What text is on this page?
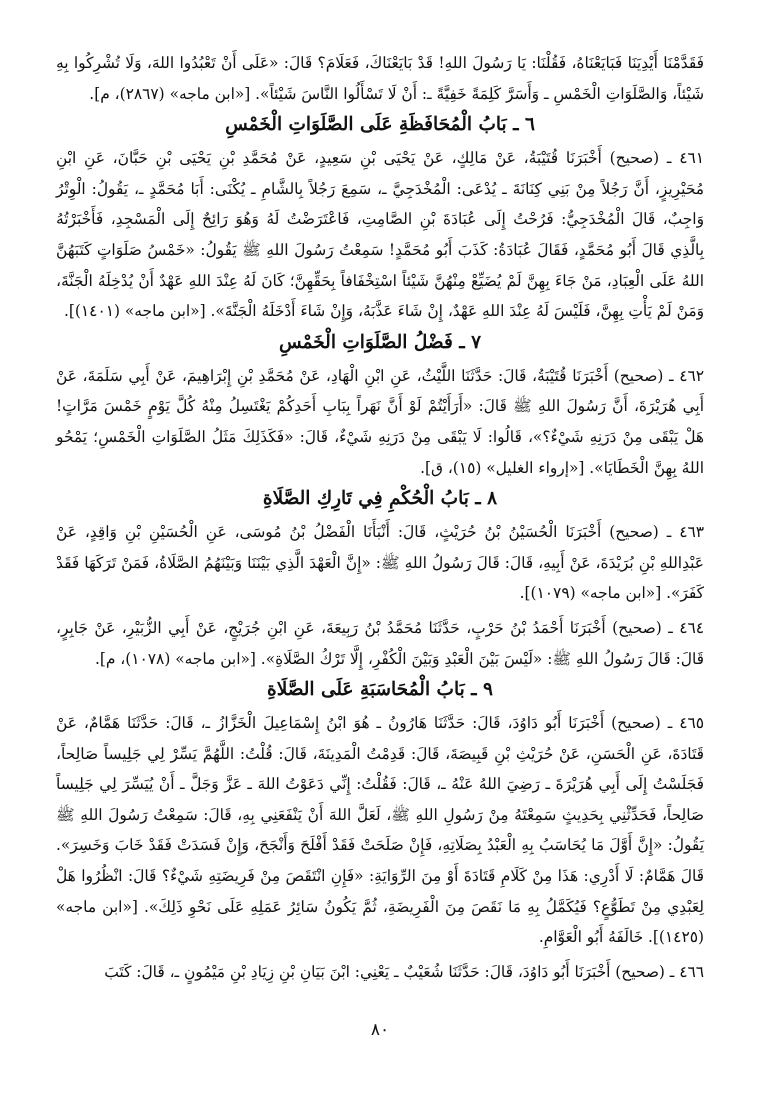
فَقَدَّمْنَا أَيْدِيَنَا فَبَايَعْنَاهُ، فَقُلْنَا: يَا رَسُولَ اللهِ! قَدْ بَايَعْنَاكَ، فَعَلَامَ؟ قَالَ: «عَلَى أَنْ تَعْبُدُوا اللهَ، وَلَا تُشْرِكُوا بِهِ شَيْئاً، وَالصَّلَوَاتِ الْخَمْسِ ـ وَأَسَرَّ كَلِمَةً خَفِيَّةً ـ: أَنْ لَا تَسْأَلُوا النَّاسَ شَيْئاً». [«ابن ماجه» (٢٨٦٧)، م].

٦ ـ بَابُ الْمُحَافَظَةِ عَلَى الصَّلَوَاتِ الْخَمْسِ

٤٦١ ـ (صحيح) أَخْبَرَنَا قُتَيْبَةُ، عَنْ مَالِكٍ، عَنْ يَحْيَى بْنِ سَعِيدٍ، عَنْ مُحَمَّدِ بْنِ يَحْيَى بْنِ حَبَّانَ، عَنِ ابْنِ مُحَيْرِيزٍ، أَنَّ رَجُلاً مِنْ بَنِي كِنَانَةَ ـ يُدْعَى: الْمُخْدَجِيَّ ـ، سَمِعَ رَجُلاً بِالشَّامِ ـ يُكْنَى: أَبَا مُحَمَّدٍ ـ، يَقُولُ: الْوِتْرُ وَاجِبٌ، قَالَ الْمُخْدَجِيُّ: فَرُحْتُ إِلَى عُبَادَةَ بْنِ الصَّامِتِ، فَاعْتَرَضْتُ لَهُ وَهُوَ رَائِحٌ إِلَى الْمَسْجِدِ، فَأَخْبَرْتُهُ بِالَّذِي قَالَ أَبُو مُحَمَّدٍ، فَقَالَ عُبَادَةُ: كَذَبَ أَبُو مُحَمَّدٍ! سَمِعْتُ رَسُولَ اللهِ ﷺ يَقُولُ: «خَمْسُ صَلَوَاتٍ كَتَبَهُنَّ اللهُ عَلَى الْعِبَادِ، مَنْ جَاءَ بِهِنَّ لَمْ يُضَيِّعْ مِنْهُنَّ شَيْئاً اسْتِخْفَافاً بِحَقِّهِنَّ؛ كَانَ لَهُ عِنْدَ اللهِ عَهْدٌ أَنْ يُدْخِلَهُ الْجَنَّةَ، وَمَنْ لَمْ يَأْتِ بِهِنَّ، فَلَيْسَ لَهُ عِنْدَ اللهِ عَهْدٌ، إِنْ شَاءَ عَذَّبَهُ، وَإِنْ شَاءَ أَدْخَلَهُ الْجَنَّةَ». [«ابن ماجه» (١٤٠١)].

٧ ـ فَضْلُ الصَّلَوَاتِ الْخَمْسِ

٤٦٢ ـ (صحيح) أَخْبَرَنَا قُتَيْبَةُ، قَالَ: حَدَّثَنَا اللَّيْثُ، عَنِ ابْنِ الْهَادِ، عَنْ مُحَمَّدِ بْنِ إِبْرَاهِيمَ، عَنْ أَبِي سَلَمَةَ، عَنْ أَبِي هُرَيْرَةَ، أَنَّ رَسُولَ اللهِ ﷺ قَالَ: «أَرَأَيْتُمْ لَوْ أَنَّ نَهَراً بِبَابِ أَحَدِكُمْ يَغْتَسِلُ مِنْهُ كُلَّ يَوْمٍ خَمْسَ مَرَّاتٍ! هَلْ يَبْقَى مِنْ دَرَنِهِ شَيْءٌ؟»، قَالُوا: لَا يَبْقَى مِنْ دَرَنِهِ شَيْءٌ، قَالَ: «فَكَذَلِكَ مَثَلُ الصَّلَوَاتِ الْخَمْسِ؛ يَمْحُو اللهُ بِهِنَّ الْخَطَايَا». [«إرواء الغليل» (١٥)، ق].

٨ ـ بَابُ الْحُكْمِ فِي تَارِكِ الصَّلَاةِ

٤٦٣ ـ (صحيح) أَخْبَرَنَا الْحُسَيْنُ بْنُ حُرَيْثٍ، قَالَ: أَنْبَأَنَا الْفَضْلُ بْنُ مُوسَى، عَنِ الْحُسَيْنِ بْنِ وَاقِدٍ، عَنْ عَبْدِاللهِ بْنِ بُرَيْدَةَ، عَنْ أَبِيهِ، قَالَ: قَالَ رَسُولُ اللهِ ﷺ: «إِنَّ الْعَهْدَ الَّذِي بَيْنَنَا وَبَيْنَهُمُ الصَّلَاةُ، فَمَنْ تَرَكَهَا فَقَدْ كَفَرَ». [«ابن ماجه» (١٠٧٩)].

٤٦٤ ـ (صحيح) أَخْبَرَنَا أَحْمَدُ بْنُ حَرْبٍ، حَدَّثَنَا مُحَمَّدُ بْنُ رَبِيعَةَ، عَنِ ابْنِ جُرَيْجٍ، عَنْ أَبِي الزُّبَيْرِ، عَنْ جَابِرٍ، قَالَ: قَالَ رَسُولُ اللهِ ﷺ: «لَيْسَ بَيْنَ الْعَبْدِ وَبَيْنَ الْكُفْرِ، إِلَّا تَرْكُ الصَّلَاةِ». [«ابن ماجه» (١٠٧٨)، م].

٩ ـ بَابُ الْمُحَاسَبَةِ عَلَى الصَّلَاةِ

٤٦٥ ـ (صحيح) أَخْبَرَنَا أَبُو دَاوُدَ، قَالَ: حَدَّثَنَا هَارُونُ ـ هُوَ ابْنُ إِسْمَاعِيلَ الْخَزَّازُ ـ، قَالَ: حَدَّثَنَا هَمَّامٌ، عَنْ قَتَادَةَ، عَنِ الْحَسَنِ، عَنْ حُرَيْثِ بْنِ قَبِيصَةَ، قَالَ: قَدِمْتُ الْمَدِينَةَ، قَالَ: قُلْتُ: اللَّهُمَّ يَسِّرْ لِي جَلِيساً صَالِحاً، فَجَلَسْتُ إِلَى أَبِي هُرَيْرَةَ ـ رَضِيَ اللهُ عَنْهُ ـ، قَالَ: فَقُلْتُ: إِنِّي دَعَوْتُ اللهَ ـ عَزَّ وَجَلَّ ـ أَنْ يُيَسِّرَ لِي جَلِيساً صَالِحاً، فَحَدِّثْنِي بِحَدِيثٍ سَمِعْتَهُ مِنْ رَسُولِ اللهِ ﷺ، لَعَلَّ اللهَ أَنْ يَنْفَعَنِي بِهِ، قَالَ: سَمِعْتُ رَسُولَ اللهِ ﷺ يَقُولُ: «إِنَّ أَوَّلَ مَا يُحَاسَبُ بِهِ الْعَبْدُ بِصَلَاتِهِ، فَإِنْ صَلَحَتْ فَقَدْ أَفْلَحَ وَأَنْجَحَ، وَإِنْ فَسَدَتْ فَقَدْ خَابَ وَخَسِرَ». قَالَ هَمَّامٌ: لَا أَدْرِي: هَذَا مِنْ كَلَامِ قَتَادَةَ أَوْ مِنَ الرِّوَايَةِ: «فَإِنِ انْتَقَصَ مِنْ فَرِيضَتِهِ شَيْءٌ؟ قَالَ: انْظُرُوا هَلْ لِعَبْدِي مِنْ تَطَوُّعٍ؟ فَيُكَمَّلُ بِهِ مَا نَقَصَ مِنَ الْفَرِيضَةِ، ثُمَّ يَكُونُ سَائِرُ عَمَلِهِ عَلَى نَحْوِ ذَلِكَ». [«ابن ماجه» (١٤٢٥)]. خَالَفَهُ أَبُو الْعَوَّامِ.

٤٦٦ ـ (صحيح) أَخْبَرَنَا أَبُو دَاوُدَ، قَالَ: حَدَّثَنَا شُعَيْبٌ ـ يَعْنِي: ابْنَ بَيَانِ بْنِ زِيَادِ بْنِ مَيْمُونٍ ـ، قَالَ: كَتَبَ

٨٠
